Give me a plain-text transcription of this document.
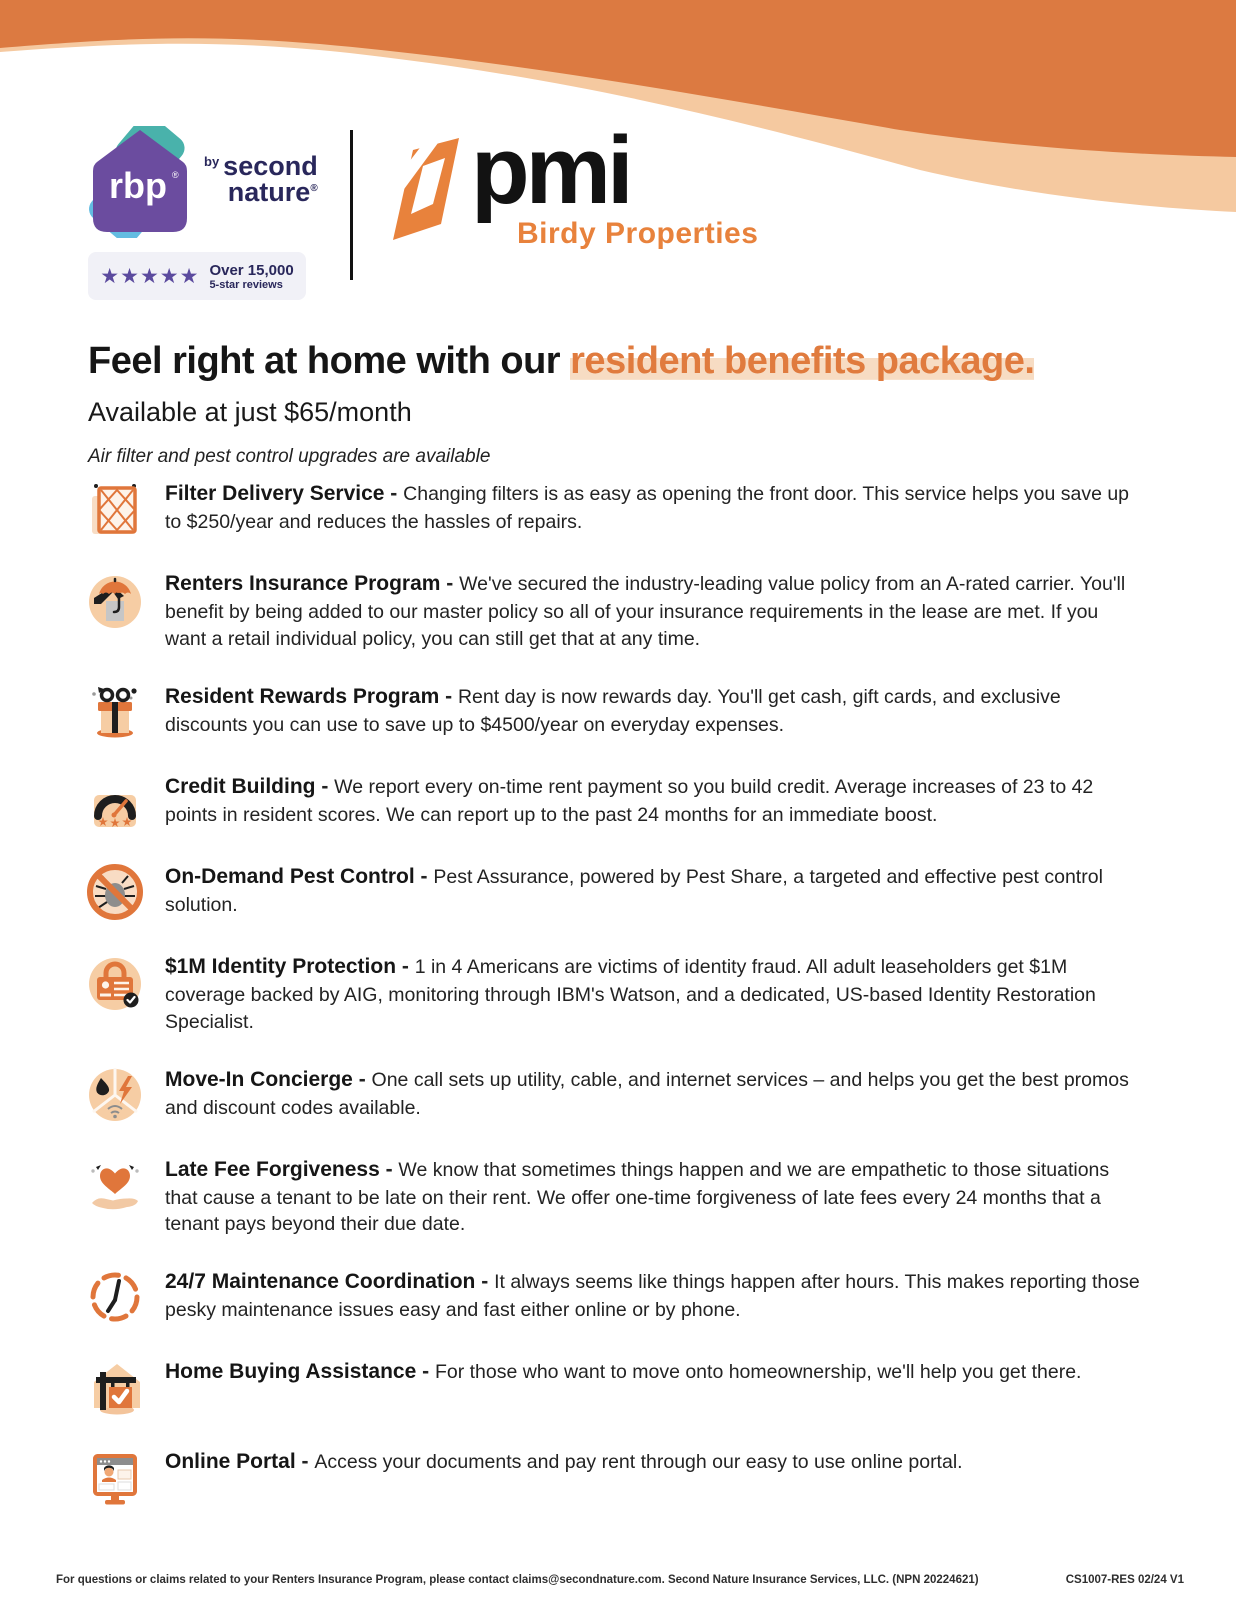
rbp ®
by second
nature®
★★★★★ Over 15,000
5-star reviews
pmi
Birdy Properties
Feel right at home with our resident benefits package.
Available at just $65/month

Air filter and pest control upgrades are available

Filter Delivery Service - Changing filters is as easy as opening the front door. This service helps you save up to $250/year and reduces the hassles of repairs.

Renters Insurance Program - We've secured the industry-leading value policy from an A-rated carrier. You'll benefit by being added to our master policy so all of your insurance requirements in the lease are met. If you want a retail individual policy, you can still get that at any time.

Resident Rewards Program - Rent day is now rewards day. You'll get cash, gift cards, and exclusive discounts you can use to save up to $4500/year on everyday expenses.

Credit Building - We report every on-time rent payment so you build credit. Average increases of 23 to 42 points in resident scores. We can report up to the past 24 months for an immediate boost.

On-Demand Pest Control - Pest Assurance, powered by Pest Share, a targeted and effective pest control solution.

$1M Identity Protection - 1 in 4 Americans are victims of identity fraud. All adult leaseholders get $1M coverage backed by AIG, monitoring through IBM's Watson, and a dedicated, US-based Identity Restoration Specialist.

Move-In Concierge - One call sets up utility, cable, and internet services – and helps you get the best promos and discount codes available.

Late Fee Forgiveness - We know that sometimes things happen and we are empathetic to those situations that cause a tenant to be late on their rent. We offer one-time forgiveness of late fees every 24 months that a tenant pays beyond their due date.

24/7 Maintenance Coordination - It always seems like things happen after hours. This makes reporting those pesky maintenance issues easy and fast either online or by phone.

Home Buying Assistance - For those who want to move onto homeownership, we'll help you get there.

Online Portal - Access your documents and pay rent through our easy to use online portal.

For questions or claims related to your Renters Insurance Program, please contact claims@secondnature.com. Second Nature Insurance Services, LLC. (NPN 20224621)	CS1007-RES 02/24 V1
